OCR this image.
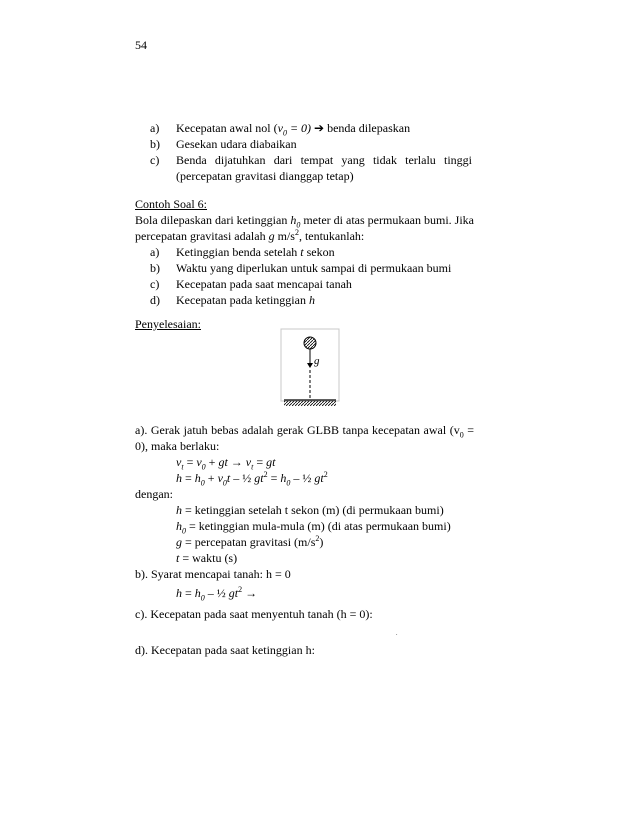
54
a) Kecepatan awal nol $(v_0 = 0)$ ➔ benda dilepaskan
b) Gesekan udara diabaikan
c) Benda dijatuhkan dari tempat yang tidak terlalu tinggi
(percepatan gravitasi dianggap tetap)
Contoh Soal 6:
Bola dilepaskan dari ketinggian $h_0$ meter di atas permukaan bumi. Jika
percepatan gravitasi adalah g $m/s^2$, tentukanlah:
a) Ketinggian benda setelah t sekon
b) Waktu yang diperlukan untuk sampai di permukaan bumi
c) Kecepatan pada saat mencapai tanah
d) Kecepatan pada ketinggian h
Penyelesaian:
g
a). Gerak jatuh bebas adalah gerak GLBB tanpa kecepatan awal ($v_0$ =
0), maka berlaku:
$v_t = v_0$ + gt → $v_t$ = gt
$h = h_0 + v_0t$ – ½ $gt^2 = h_0$ – ½ $gt^2$
dengan:
h = ketinggian setelah t sekon (m) (di permukaan bumi)
$h_0$ = ketinggian mula-mula (m) (di atas permukaan bumi)
g = percepatan gravitasi $(m/s^2)$
t = waktu (s)
b). Syarat mencapai tanah: h = 0
$h = h_0$ – ½ $gt^2$ →
c). Kecepatan pada saat menyentuh tanah (h = 0):
.
d). Kecepatan pada saat ketinggian h:
